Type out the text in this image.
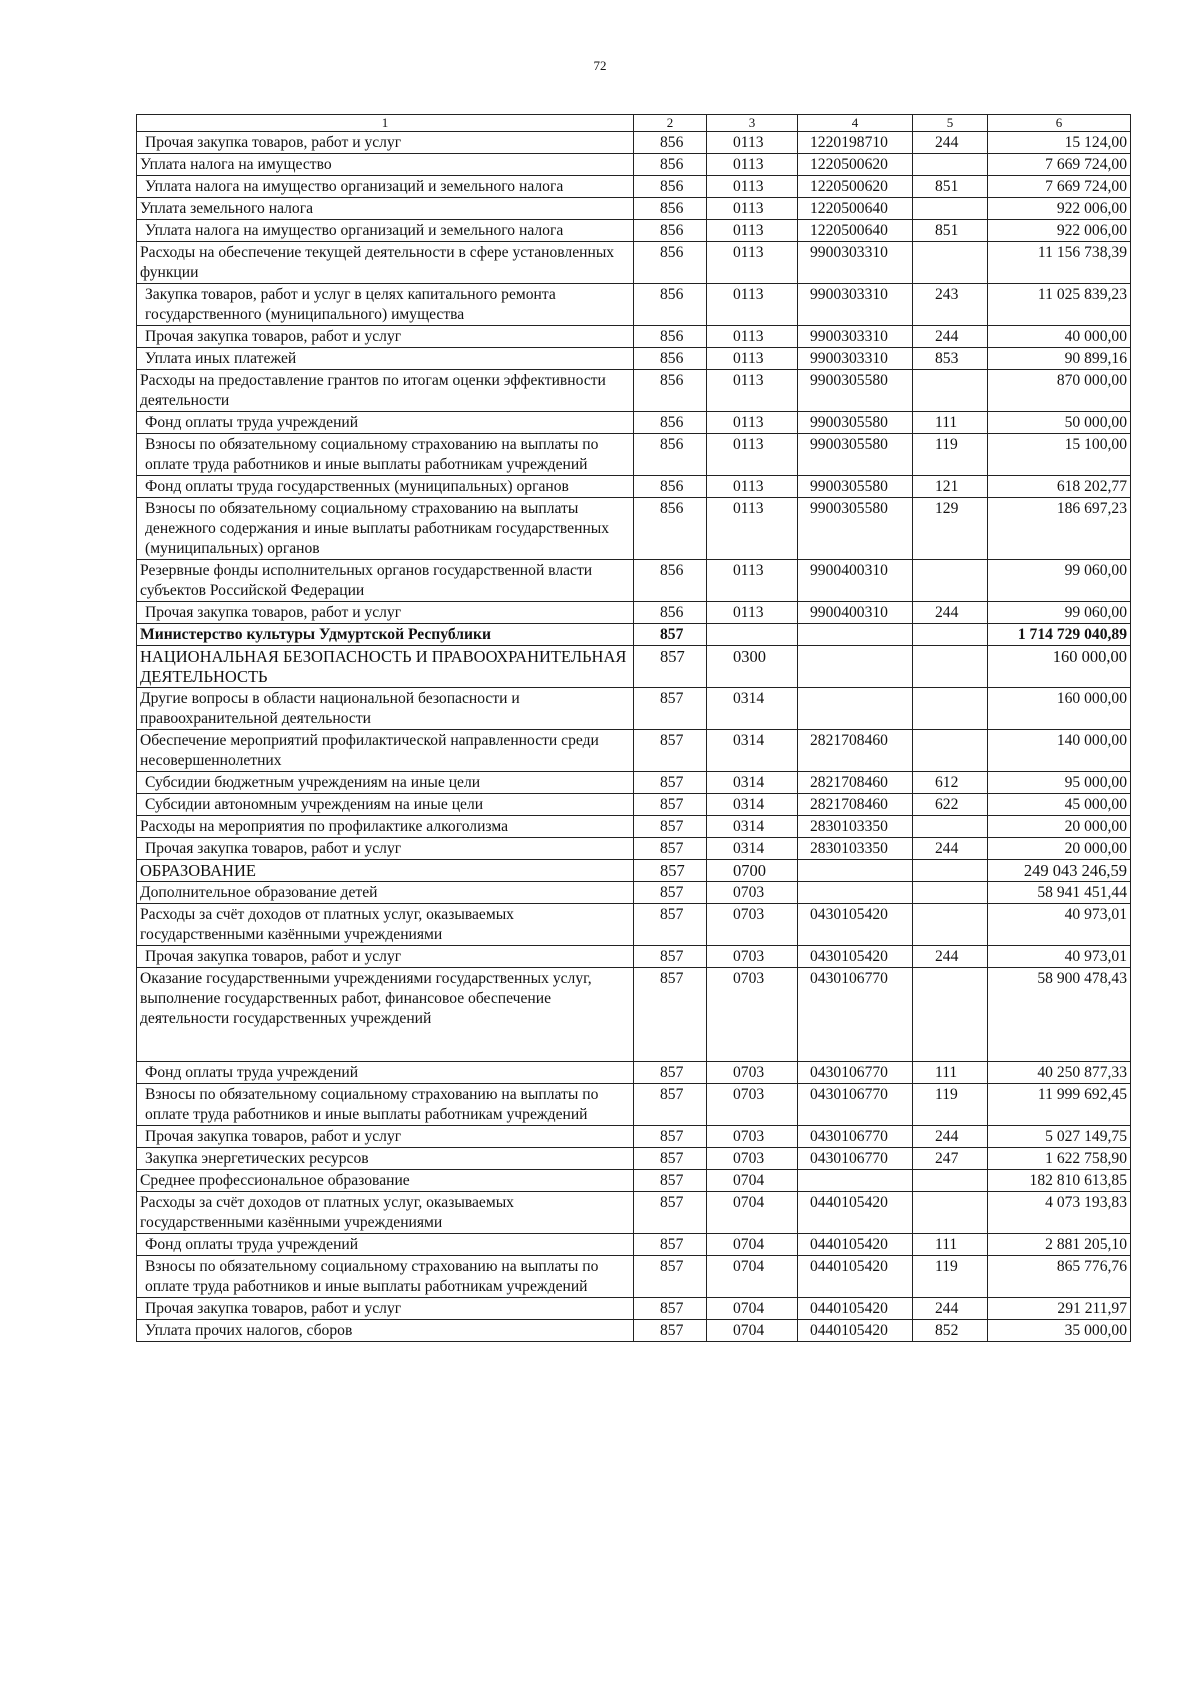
72
1	2	3	4	5	6
Прочая закупка товаров, работ и услуг	856	0113	1220198710	244	15 124,00
Уплата налога на имущество	856	0113	1220500620		7 669 724,00
Уплата налога на имущество организаций и земельного налога	856	0113	1220500620	851	7 669 724,00
Уплата земельного налога	856	0113	1220500640		922 006,00
Уплата налога на имущество организаций и земельного налога	856	0113	1220500640	851	922 006,00
Расходы на обеспечение текущей деятельности в сфере установленных функции	856	0113	9900303310		11 156 738,39
Закупка товаров, работ и услуг в целях капитального ремонта государственного (муниципального) имущества	856	0113	9900303310	243	11 025 839,23
Прочая закупка товаров, работ и услуг	856	0113	9900303310	244	40 000,00
Уплата иных платежей	856	0113	9900303310	853	90 899,16
Расходы на предоставление грантов по итогам оценки эффективности деятельности	856	0113	9900305580		870 000,00
Фонд оплаты труда учреждений	856	0113	9900305580	111	50 000,00
Взносы по обязательному социальному страхованию на выплаты по оплате труда работников и иные выплаты работникам учреждений	856	0113	9900305580	119	15 100,00
Фонд оплаты труда государственных (муниципальных) органов	856	0113	9900305580	121	618 202,77
Взносы по обязательному социальному страхованию на выплаты денежного содержания и иные выплаты работникам государственных (муниципальных) органов	856	0113	9900305580	129	186 697,23
Резервные фонды исполнительных органов государственной власти субъектов Российской Федерации	856	0113	9900400310		99 060,00
Прочая закупка товаров, работ и услуг	856	0113	9900400310	244	99 060,00
Министерство культуры Удмуртской Республики	857				1 714 729 040,89
НАЦИОНАЛЬНАЯ БЕЗОПАСНОСТЬ И ПРАВООХРАНИТЕЛЬНАЯ ДЕЯТЕЛЬНОСТЬ	857	0300			160 000,00
Другие вопросы в области национальной безопасности и правоохранительной деятельности	857	0314			160 000,00
Обеспечение мероприятий профилактической направленности среди несовершеннолетних	857	0314	2821708460		140 000,00
Субсидии бюджетным учреждениям на иные цели	857	0314	2821708460	612	95 000,00
Субсидии автономным учреждениям на иные цели	857	0314	2821708460	622	45 000,00
Расходы на мероприятия по профилактике алкоголизма	857	0314	2830103350		20 000,00
Прочая закупка товаров, работ и услуг	857	0314	2830103350	244	20 000,00
ОБРАЗОВАНИЕ	857	0700			249 043 246,59
Дополнительное образование детей	857	0703			58 941 451,44
Расходы за счёт доходов от платных услуг, оказываемых государственными казёнными учреждениями	857	0703	0430105420		40 973,01
Прочая закупка товаров, работ и услуг	857	0703	0430105420	244	40 973,01
Оказание государственными учреждениями государственных услуг, выполнение государственных работ, финансовое обеспечение деятельности государственных учреждений	857	0703	0430106770		58 900 478,43
Фонд оплаты труда учреждений	857	0703	0430106770	111	40 250 877,33
Взносы по обязательному социальному страхованию на выплаты по оплате труда работников и иные выплаты работникам учреждений	857	0703	0430106770	119	11 999 692,45
Прочая закупка товаров, работ и услуг	857	0703	0430106770	244	5 027 149,75
Закупка энергетических ресурсов	857	0703	0430106770	247	1 622 758,90
Среднее профессиональное образование	857	0704			182 810 613,85
Расходы за счёт доходов от платных услуг, оказываемых государственными казёнными учреждениями	857	0704	0440105420		4 073 193,83
Фонд оплаты труда учреждений	857	0704	0440105420	111	2 881 205,10
Взносы по обязательному социальному страхованию на выплаты по оплате труда работников и иные выплаты работникам учреждений	857	0704	0440105420	119	865 776,76
Прочая закупка товаров, работ и услуг	857	0704	0440105420	244	291 211,97
Уплата прочих налогов, сборов	857	0704	0440105420	852	35 000,00
